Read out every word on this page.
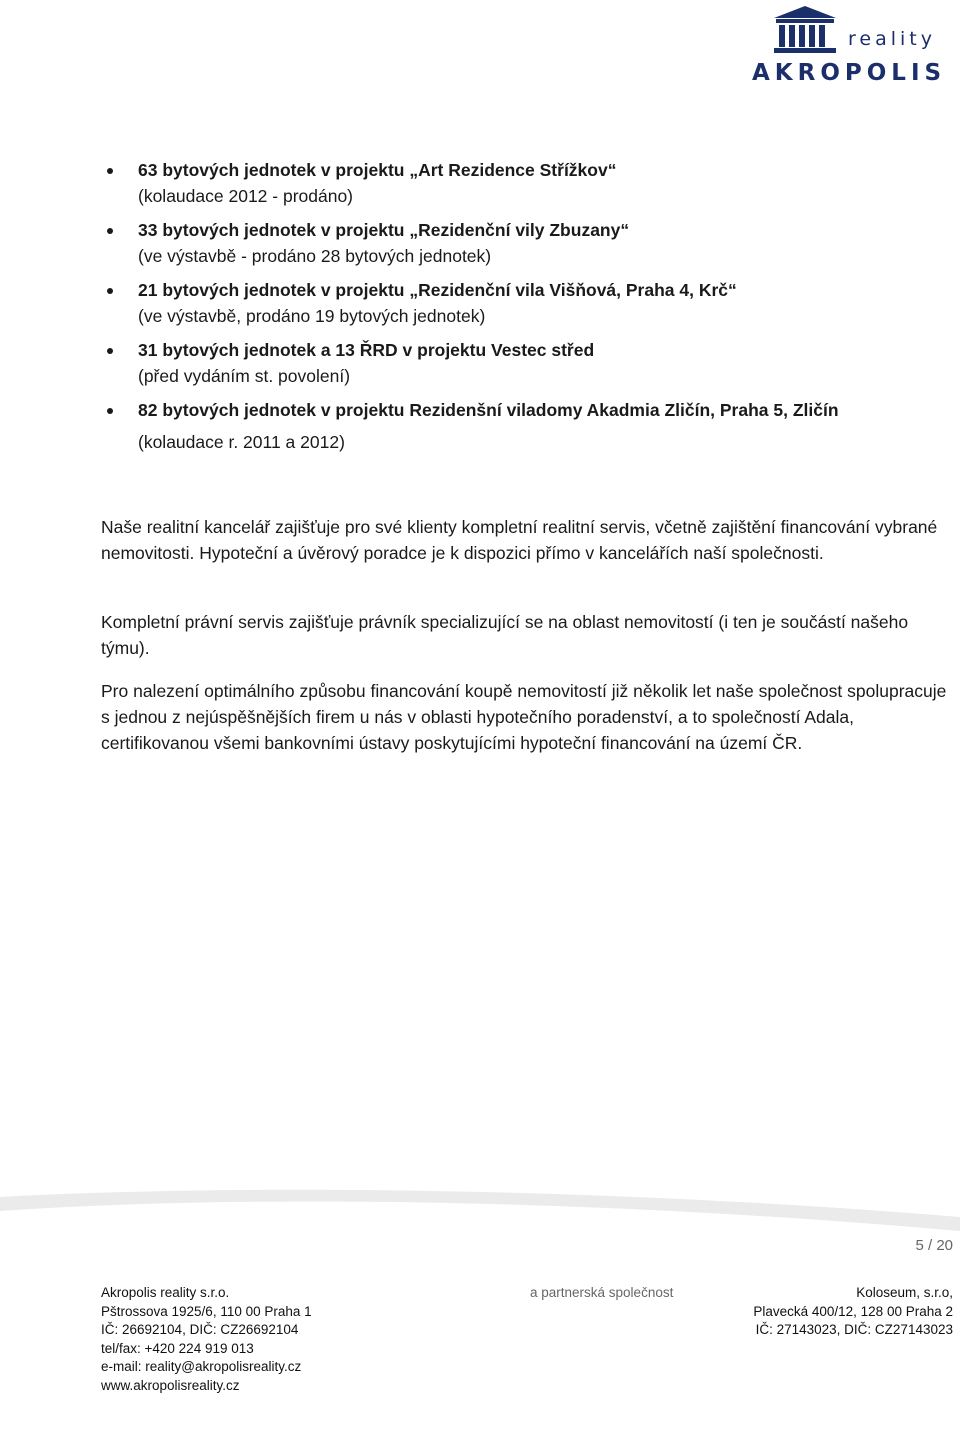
reality
AKROPOLIS
63 bytových jednotek v projektu „Art Rezidence Střížkov“
(kolaudace 2012 - prodáno)
33 bytových jednotek v projektu „Rezidenční vily Zbuzany“
(ve výstavbě - prodáno 28 bytových jednotek)
21 bytových jednotek v projektu „Rezidenční vila Višňová, Praha 4, Krč“
(ve výstavbě, prodáno 19 bytových jednotek)
31 bytových jednotek a 13 ŘRD v projektu Vestec střed
(před vydáním st. povolení)
82 bytových jednotek v projektu Rezidenšní viladomy Akadmia Zličín, Praha 5, Zličín
(kolaudace r. 2011 a 2012)

Naše realitní kancelář zajišťuje pro své klienty kompletní realitní servis, včetně zajištění financování vybrané nemovitosti. Hypoteční a úvěrový poradce je k dispozici přímo v kancelářích naší společnosti.

Kompletní právní servis zajišťuje právník specializující se na oblast nemovitostí (i ten je součástí našeho týmu).

Pro nalezení optimálního způsobu financování koupě nemovitostí již několik let naše společnost spolupracuje s jednou z nejúspěšnějších firem u nás v oblasti hypotečního poradenství, a to společností Adala, certifikovanou všemi bankovními ústavy poskytujícími hypoteční financování na území ČR.

5 / 20
Akropolis reality s.r.o.
Pštrossova 1925/6, 110 00 Praha 1
IČ: 26692104, DIČ: CZ26692104
tel/fax: +420 224 919 013
e-mail: reality@akropolisreality.cz
www.akropolisreality.cz
a partnerská společnost	Koloseum, s.r.o,
Plavecká 400/12, 128 00 Praha 2
IČ: 27143023, DIČ: CZ27143023
